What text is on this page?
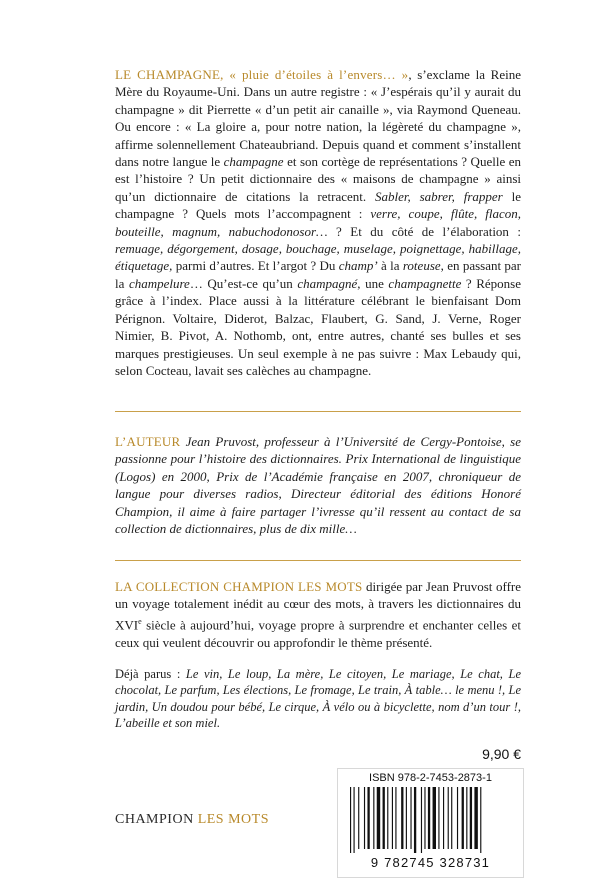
LE CHAMPAGNE, « pluie d’étoiles à l’envers… », s’exclame la Reine Mère du Royaume-Uni. Dans un autre registre : « J’espérais qu’il y aurait du champagne » dit Pierrette « d’un petit air canaille », via Raymond Queneau. Ou encore : « La gloire a, pour notre nation, la légèreté du champagne », affirme solennellement Chateaubriand. Depuis quand et comment s’installent dans notre langue le champagne et son cortège de représentations ? Quelle en est l’histoire ? Un petit dictionnaire des « maisons de champagne » ainsi qu’un dictionnaire de citations la retracent. Sabler, sabrer, frapper le champagne ? Quels mots l’accompagnent : verre, coupe, flûte, flacon, bouteille, magnum, nabuchodonosor… ? Et du côté de l’élaboration : remuage, dégorgement, dosage, bouchage, muselage, poignettage, habillage, étiquetage, parmi d’autres. Et l’argot ? Du champ’ à la roteuse, en passant par la champelure… Qu’est-ce qu’un champagné, une champagnette ? Réponse grâce à l’index. Place aussi à la littérature célébrant le bienfaisant Dom Pérignon. Voltaire, Diderot, Balzac, Flaubert, G. Sand, J. Verne, Roger Nimier, B. Pivot, A. Nothomb, ont, entre autres, chanté ses bulles et ses marques prestigieuses. Un seul exemple à ne pas suivre : Max Lebaudy qui, selon Cocteau, lavait ses calèches au champagne.

L’AUTEUR Jean Pruvost, professeur à l’Université de Cergy-Pontoise, se passionne pour l’histoire des dictionnaires. Prix International de linguistique (Logos) en 2000, Prix de l’Académie française en 2007, chroniqueur de langue pour diverses radios, Directeur éditorial des éditions Honoré Champion, il aime à faire partager l’ivresse qu’il ressent au contact de sa collection de dictionnaires, plus de dix mille…

LA COLLECTION CHAMPION LES MOTS dirigée par Jean Pruvost offre un voyage totalement inédit au cœur des mots, à travers les dictionnaires du XVIe siècle à aujourd’hui, voyage propre à surprendre et enchanter celles et ceux qui veulent découvrir ou approfondir le thème présenté.

Déjà parus : Le vin, Le loup, La mère, Le citoyen, Le mariage, Le chat, Le chocolat, Le parfum, Les élections, Le fromage, Le train, À table… le menu !, Le jardin, Un doudou pour bébé, Le cirque, À vélo ou à bicyclette, nom d’un tour !, L’abeille et son miel.

9,90 €
ISBN 978-2-7453-2873-1
9 782745 328731
CHAMPION LES MOTS
